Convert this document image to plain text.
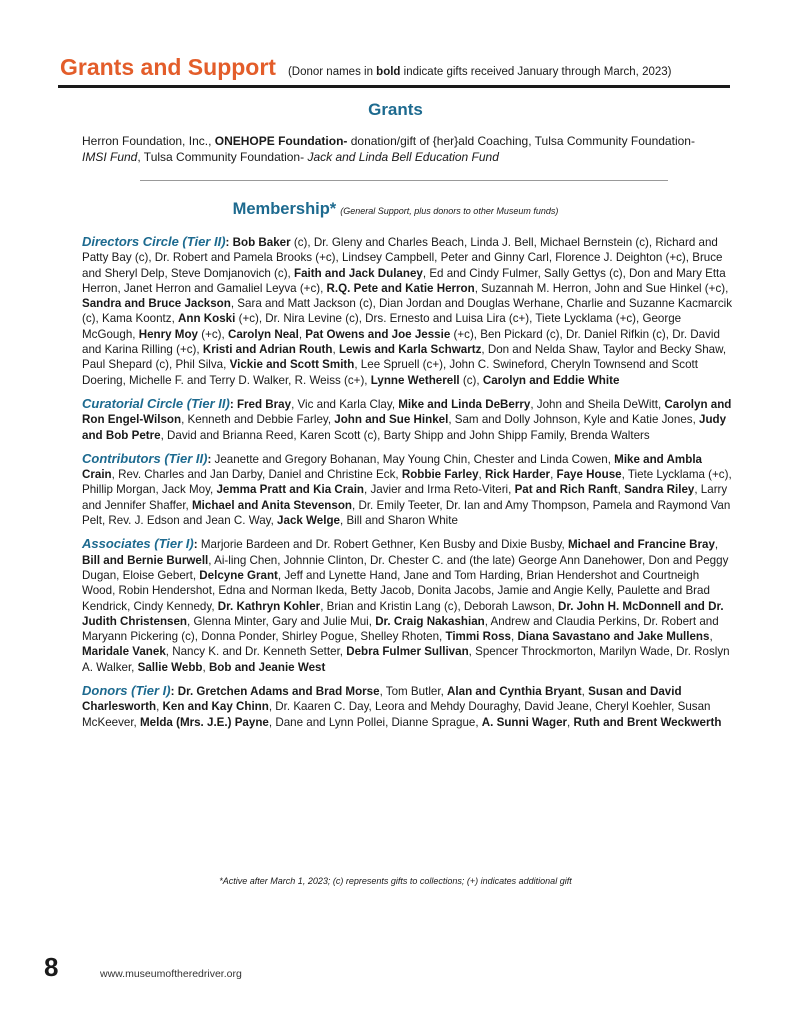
Grants and Support (Donor names in bold indicate gifts received January through March, 2023)
Grants
Herron Foundation, Inc., ONEHOPE Foundation- donation/gift of {her}ald Coaching, Tulsa Community Foundation- IMSI Fund, Tulsa Community Foundation- Jack and Linda Bell Education Fund
Membership* (General Support, plus donors to other Museum funds)
Directors Circle (Tier II): Bob Baker (c), Dr. Gleny and Charles Beach, Linda J. Bell, Michael Bernstein (c), Richard and Patty Bay (c), Dr. Robert and Pamela Brooks (+c), Lindsey Campbell, Peter and Ginny Carl, Florence J. Deighton (+c), Bruce and Sheryl Delp, Steve Domjanovich (c), Faith and Jack Dulaney, Ed and Cindy Fulmer, Sally Gettys (c), Don and Mary Etta Herron, Janet Herron and Gamaliel Leyva (+c), R.Q. Pete and Katie Herron, Suzannah M. Herron, John and Sue Hinkel (+c), Sandra and Bruce Jackson, Sara and Matt Jackson (c), Dian Jordan and Douglas Werhane, Charlie and Suzanne Kacmarcik (c), Kama Koontz, Ann Koski (+c), Dr. Nira Levine (c), Drs. Ernesto and Luisa Lira (c+), Tiete Lycklama (+c), George McGough, Henry Moy (+c), Carolyn Neal, Pat Owens and Joe Jessie (+c), Ben Pickard (c), Dr. Daniel Rifkin (c), Dr. David and Karina Rilling (+c), Kristi and Adrian Routh, Lewis and Karla Schwartz, Don and Nelda Shaw, Taylor and Becky Shaw, Paul Shepard (c), Phil Silva, Vickie and Scott Smith, Lee Spruell (c+), John C. Swineford, Cheryln Townsend and Scott Doering, Michelle F. and Terry D. Walker, R. Weiss (c+), Lynne Wetherell (c), Carolyn and Eddie White
Curatorial Circle (Tier II): Fred Bray, Vic and Karla Clay, Mike and Linda DeBerry, John and Sheila DeWitt, Carolyn and Ron Engel-Wilson, Kenneth and Debbie Farley, John and Sue Hinkel, Sam and Dolly Johnson, Kyle and Katie Jones, Judy and Bob Petre, David and Brianna Reed, Karen Scott (c), Barty Shipp and John Shipp Family, Brenda Walters
Contributors (Tier II): Jeanette and Gregory Bohanan, May Young Chin, Chester and Linda Cowen, Mike and Ambla Crain, Rev. Charles and Jan Darby, Daniel and Christine Eck, Robbie Farley, Rick Harder, Faye House, Tiete Lycklama (+c), Phillip Morgan, Jack Moy, Jemma Pratt and Kia Crain, Javier and Irma Reto-Viteri, Pat and Rich Ranft, Sandra Riley, Larry and Jennifer Shaffer, Michael and Anita Stevenson, Dr. Emily Teeter, Dr. Ian and Amy Thompson, Pamela and Raymond Van Pelt, Rev. J. Edson and Jean C. Way, Jack Welge, Bill and Sharon White
Associates (Tier I): Marjorie Bardeen and Dr. Robert Gethner, Ken Busby and Dixie Busby, Michael and Francine Bray, Bill and Bernie Burwell, Ai-ling Chen, Johnnie Clinton, Dr. Chester C. and (the late) George Ann Danehower, Don and Peggy Dugan, Eloise Gebert, Delcyne Grant, Jeff and Lynette Hand, Jane and Tom Harding, Brian Hendershot and Courtneigh Wood, Robin Hendershot, Edna and Norman Ikeda, Betty Jacob, Donita Jacobs, Jamie and Angie Kelly, Paulette and Brad Kendrick, Cindy Kennedy, Dr. Kathryn Kohler, Brian and Kristin Lang (c), Deborah Lawson, Dr. John H. McDonnell and Dr. Judith Christensen, Glenna Minter, Gary and Julie Mui, Dr. Craig Nakashian, Andrew and Claudia Perkins, Dr. Robert and Maryann Pickering (c), Donna Ponder, Shirley Pogue, Shelley Rhoten, Timmi Ross, Diana Savastano and Jake Mullens, Maridale Vanek, Nancy K. and Dr. Kenneth Setter, Debra Fulmer Sullivan, Spencer Throckmorton, Marilyn Wade, Dr. Roslyn A. Walker, Sallie Webb, Bob and Jeanie West
Donors (Tier I): Dr. Gretchen Adams and Brad Morse, Tom Butler, Alan and Cynthia Bryant, Susan and David Charlesworth, Ken and Kay Chinn, Dr. Kaaren C. Day, Leora and Mehdy Douraghy, David Jeane, Cheryl Koehler, Susan McKeever, Melda (Mrs. J.E.) Payne, Dane and Lynn Pollei, Dianne Sprague, A. Sunni Wager, Ruth and Brent Weckwerth
*Active after March 1, 2023; (c) represents gifts to collections; (+) indicates additional gift
8	www.museumoftheredriver.org
